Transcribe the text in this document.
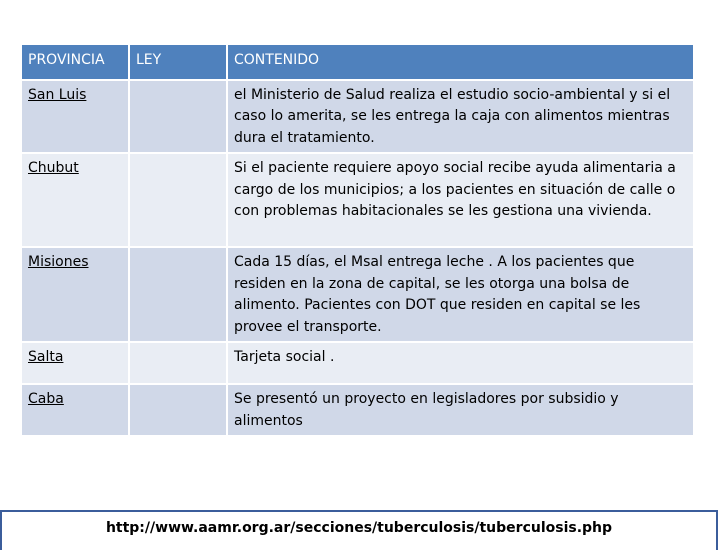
PROVINCIA	LEY	CONTENIDO
San Luis		el Ministerio de Salud realiza el estudio socio-ambiental y si el caso lo amerita, se les entrega la caja con alimentos mientras dura el tratamiento.
Chubut		Si el paciente requiere apoyo social recibe ayuda alimentaria a cargo de los municipios; a los pacientes en situación de calle o con problemas habitacionales se les gestiona una vivienda.
Misiones		Cada 15 días, el Msal entrega leche . A los pacientes que residen en la zona de capital, se les otorga una bolsa de alimento. Pacientes con DOT que residen en capital se les provee el transporte.
Salta		Tarjeta social .
Caba		Se presentó un proyecto en legisladores por subsidio y alimentos
http://www.aamr.org.ar/secciones/tuberculosis/tuberculosis.php
